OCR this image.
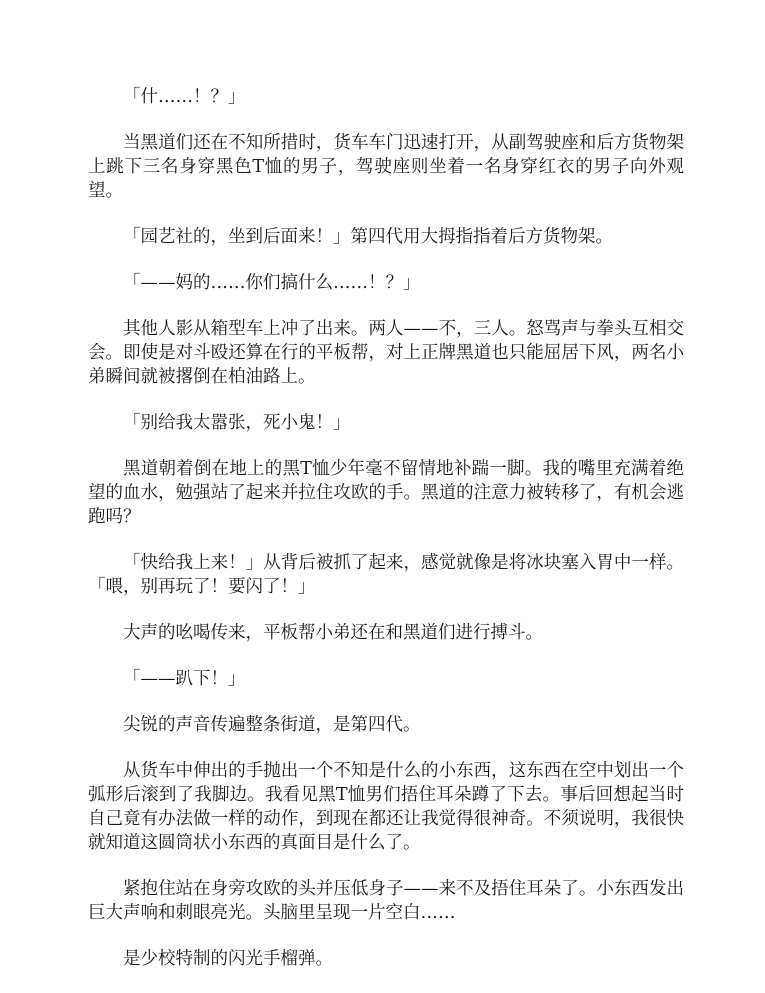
「什……！？」

当黑道们还在不知所措时，货车车门迅速打开，从副驾驶座和后方货物架上跳下三名身穿黑色T恤的男子，驾驶座则坐着一名身穿红衣的男子向外观望。

「园艺社的，坐到后面来！」第四代用大拇指指着后方货物架。

「——妈的……你们搞什么……！？」

其他人影从箱型车上冲了出来。两人——不，三人。怒骂声与拳头互相交会。即使是对斗殴还算在行的平板帮，对上正牌黑道也只能屈居下风，两名小弟瞬间就被撂倒在柏油路上。

「别给我太嚣张，死小鬼！」

黑道朝着倒在地上的黑T恤少年毫不留情地补踹一脚。我的嘴里充满着绝望的血水，勉强站了起来并拉住攻欧的手。黑道的注意力被转移了，有机会逃跑吗？

「快给我上来！」从背后被抓了起来，感觉就像是将冰块塞入胃中一样。「喂，别再玩了！要闪了！」

大声的吆喝传来，平板帮小弟还在和黑道们进行搏斗。

「——趴下！」

尖锐的声音传遍整条街道，是第四代。

从货车中伸出的手抛出一个不知是什么的小东西，这东西在空中划出一个弧形后滚到了我脚边。我看见黑T恤男们捂住耳朵蹲了下去。事后回想起当时自己竟有办法做一样的动作，到现在都还让我觉得很神奇。不须说明，我很快就知道这圆筒状小东西的真面目是什么了。

紧抱住站在身旁攻欧的头并压低身子——来不及捂住耳朵了。小东西发出巨大声响和刺眼亮光。头脑里呈现一片空白……

是少校特制的闪光手榴弹。
